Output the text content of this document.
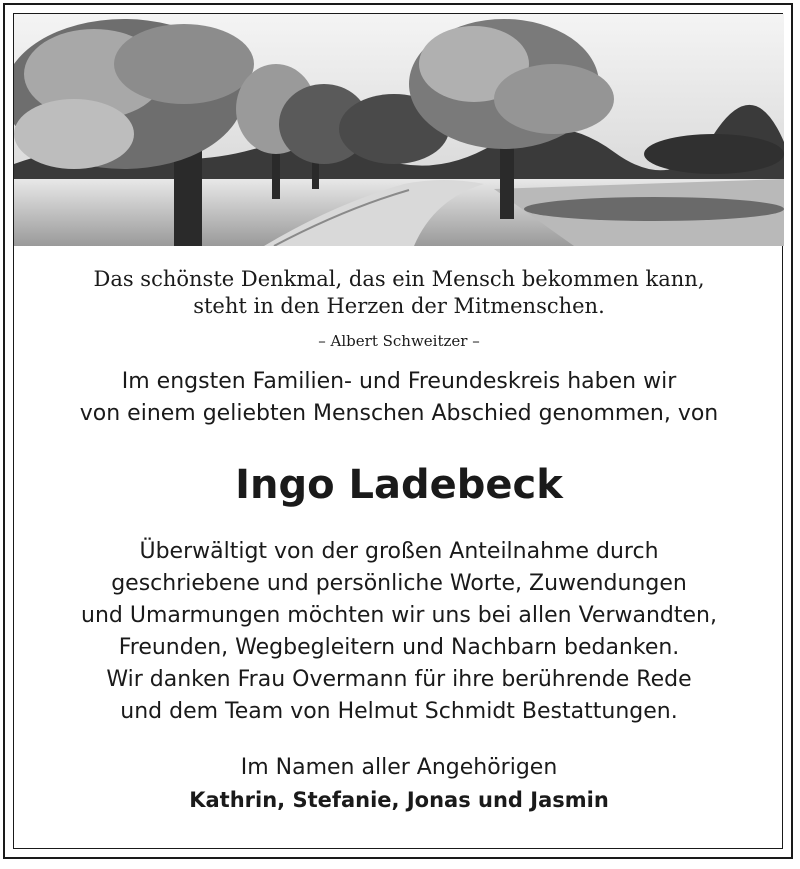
Das schönste Denkmal, das ein Mensch bekommen kann,
steht in den Herzen der Mitmenschen.
– Albert Schweitzer –
Im engsten Familien- und Freundeskreis haben wir
von einem geliebten Menschen Abschied genommen, von
Ingo Ladebeck
Überwältigt von der großen Anteilnahme durch
geschriebene und persönliche Worte, Zuwendungen
und Umarmungen möchten wir uns bei allen Verwandten,
Freunden, Wegbegleitern und Nachbarn bedanken.
Wir danken Frau Overmann für ihre berührende Rede
und dem Team von Helmut Schmidt Bestattungen.
Im Namen aller Angehörigen
Kathrin, Stefanie, Jonas und Jasmin
